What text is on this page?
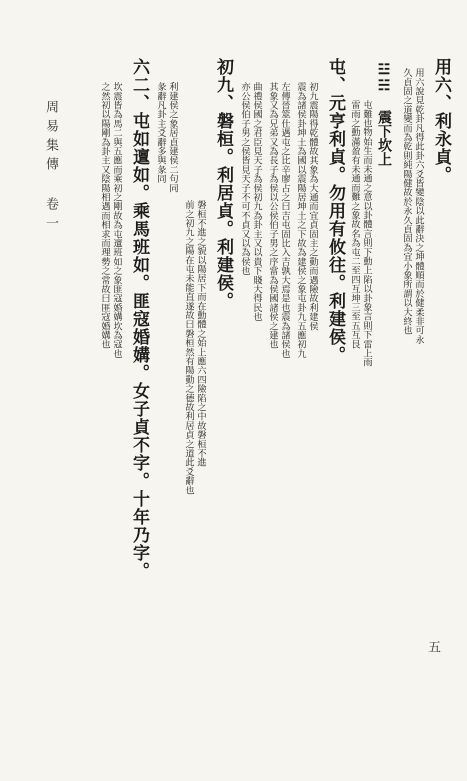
用六、利永貞。
用六說見乾卦凡得此卦六爻皆變陰以此辭決之坤體順而於健柔非可永
久貞固之道變而為乾則純陽健故於永久貞固為宜小象所謂以大終也
☳☵ 震下坎上
屯難也物始生而未通之意以卦體言則下動上陷以卦象言則下雷上雨
雷雨之動滿盈有未通而難之象故名為屯二至四互坤三至五互艮
屯、元亨利貞。勿用有攸往。利建侯。
初九震陽得乾體故其象為大通而宜貞固主之動而遇險故利建侯
震為諸侯卦坤土為國以震陽居坤土之下故為建侯之象屯卦九五應初九
左傳晉筮仕遇屯之比辛廖占之曰吉屯固比入吉孰大焉是也震為諸侯也
其象又為兄弟又為長子為侯以公侯伯子男之序當為侯國諸侯之建也
曲禮侯國之君臣見天子為侯初九為卦主又以貴下賤大得民也
亦公侯伯子男之侯皆見天子不可不貞又以為侯也
初九、磐桓。利居貞。利建侯。
磐桓不進之貌以陽居下而在動體之始上應六四險陷之中故磐桓不進
前之初九之陽在屯未能直遂故曰磐桓然有陽動之德故利居貞之道此爻辭也
利建侯之象居貞建侯二句同
彖辭凡卦主爻辭多與彖同
六二、屯如邅如。乘馬班如。匪寇婚媾。女子貞不字。十年乃字。
坎震皆為馬二與五應而乘初之剛故為屯邅班如之象匪寇婚媾坎為寇也
之然初以陽剛為卦主又陰陽相遇而相求而理勢之常故曰匪寇婚媾也
周易集傳 卷一
五
